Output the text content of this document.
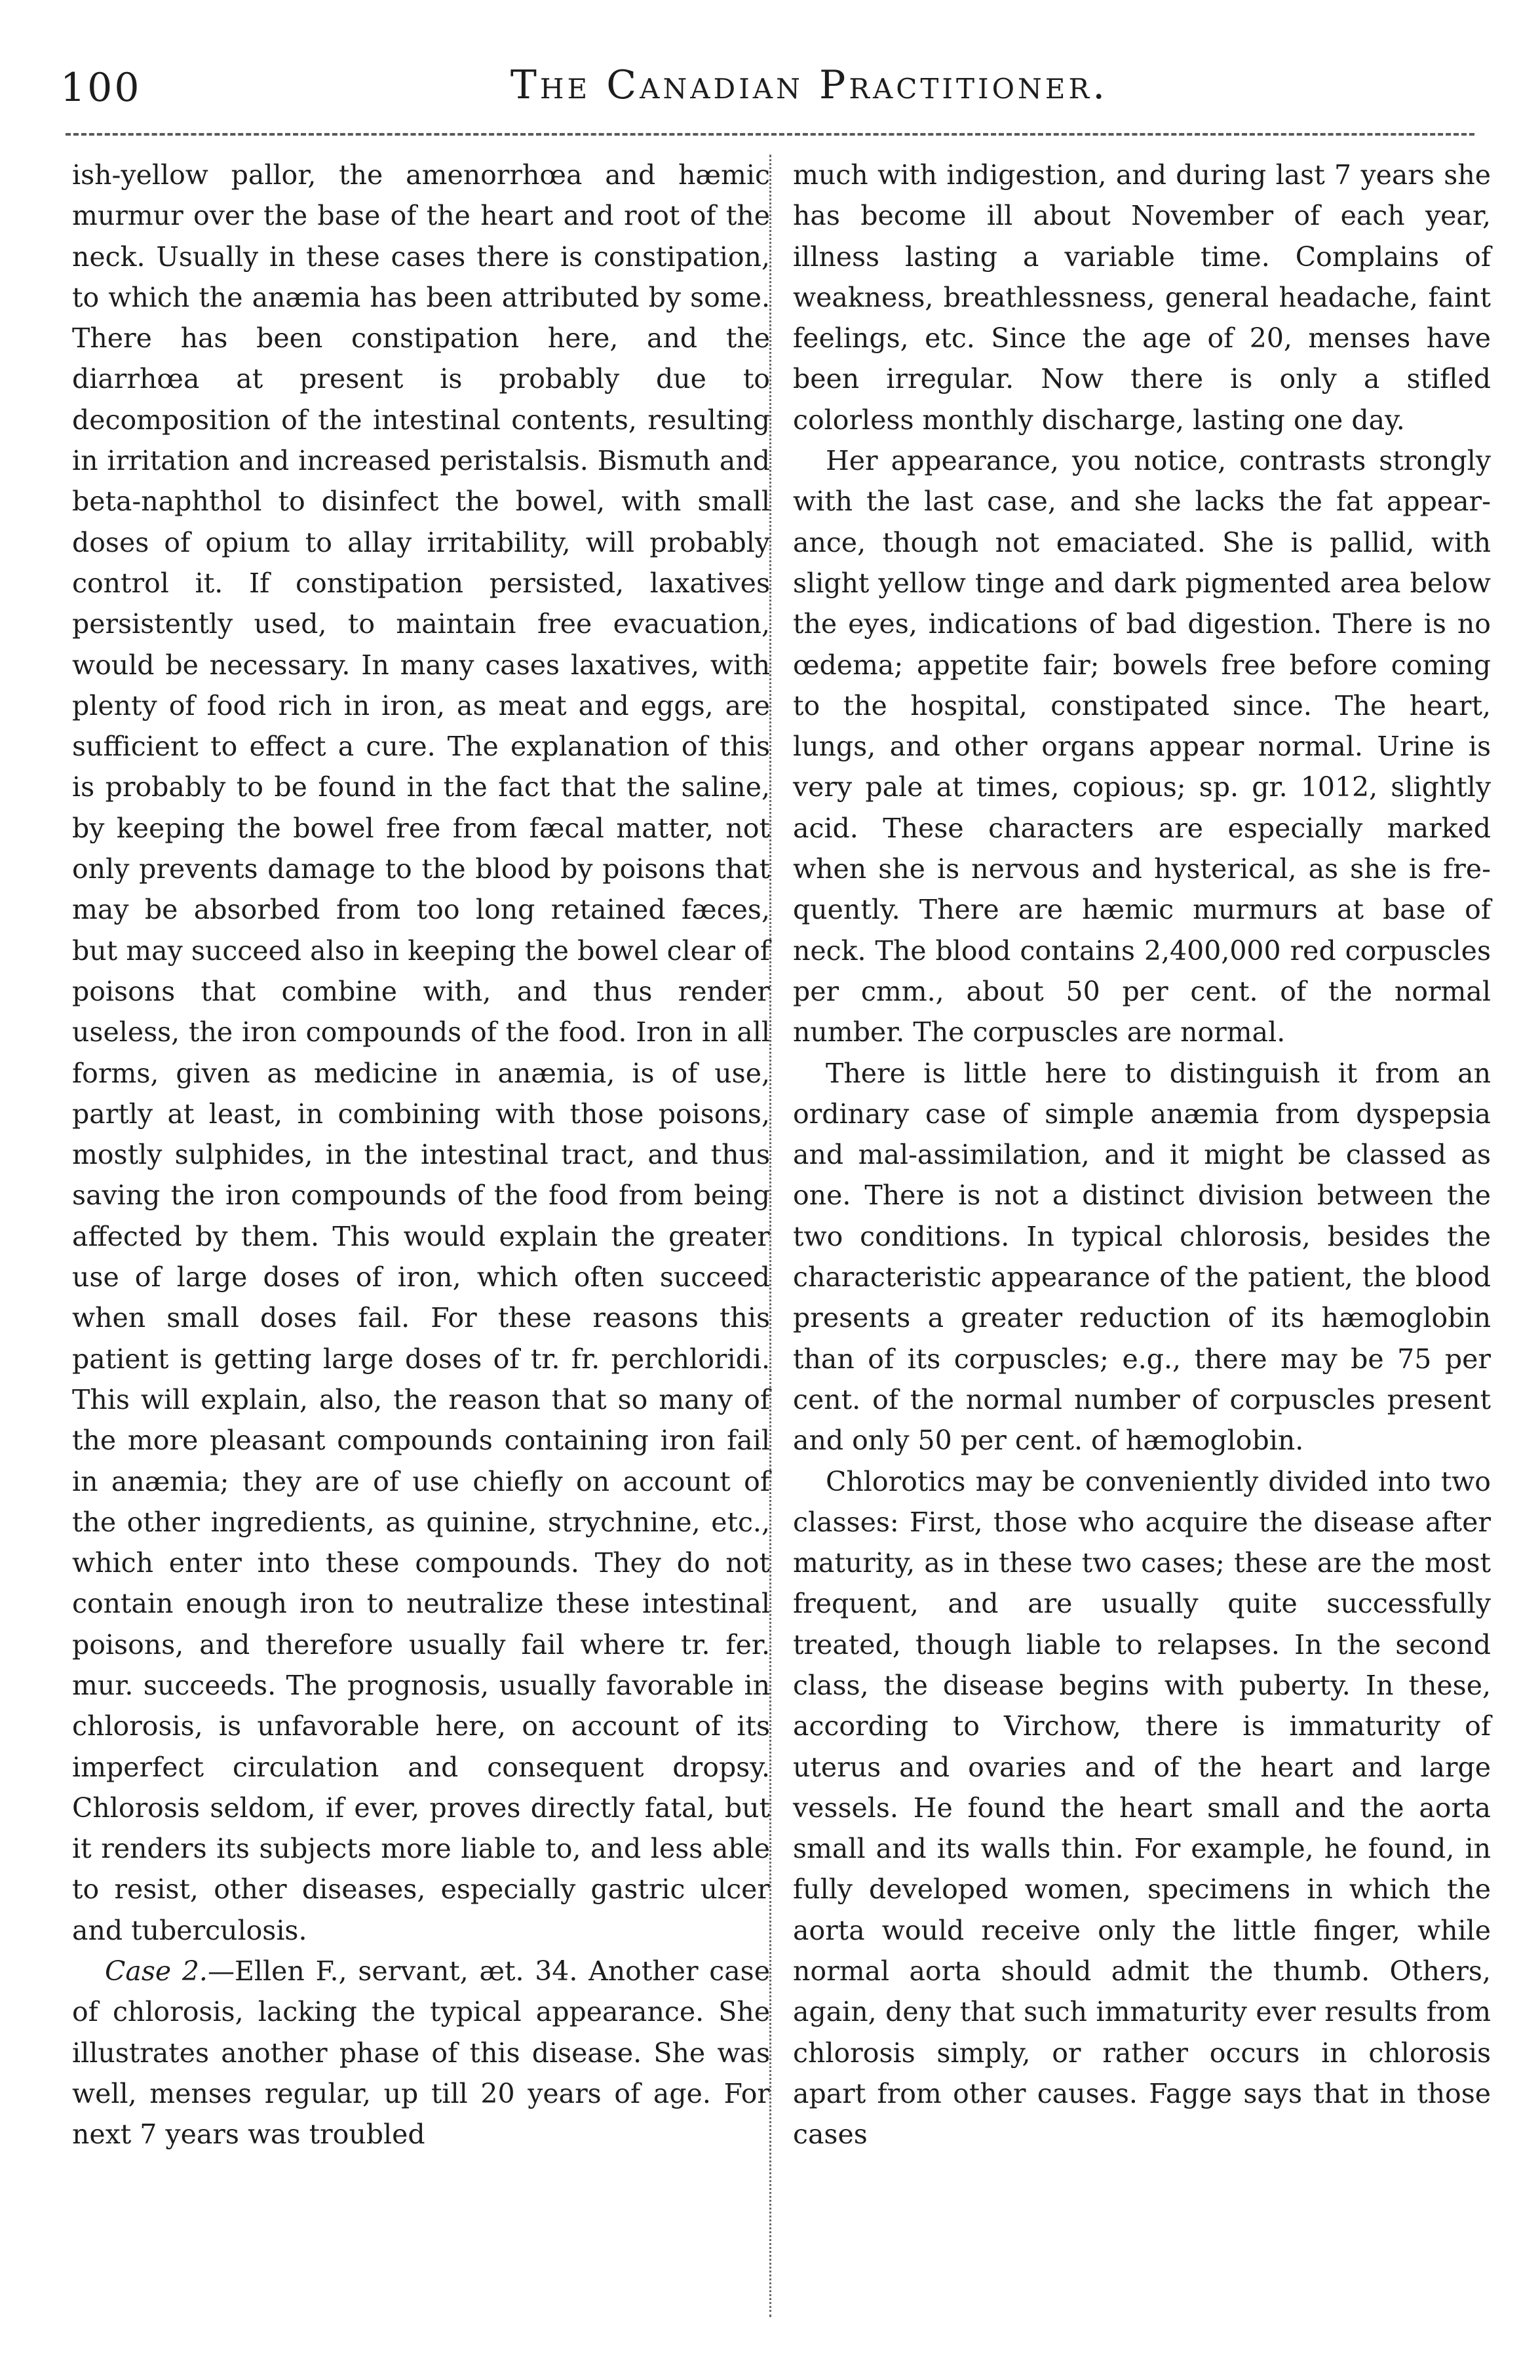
100	The Canadian Practitioner.

ish-yellow pallor, the amenorrhœa and hæmic murmur over the base of the heart and root of the neck. Usually in these cases there is constipation, to which the anæmia has been attributed by some. There has been constipation here, and the diarrhœa at present is probably due to decomposition of the intestinal contents, resulting in irritation and increased peristalsis. Bismuth and beta-naphthol to disinfect the bowel, with small doses of opium to allay irritability, will probably control it. If constipation persisted, laxatives persistently used, to maintain free evacuation, would be necessary. In many cases laxatives, with plenty of food rich in iron, as meat and eggs, are sufficient to effect a cure. The explanation of this is probably to be found in the fact that the saline, by keeping the bowel free from fæcal matter, not only prevents damage to the blood by poisons that may be absorbed from too long retained fæces, but may succeed also in keeping the bowel clear of poisons that combine with, and thus render useless, the iron compounds of the food. Iron in all forms, given as medicine in anæmia, is of use, partly at least, in combining with those poisons, mostly sulphides, in the intestinal tract, and thus saving the iron compounds of the food from being affected by them. This would explain the greater use of large doses of iron, which often succeed when small doses fail. For these reasons this patient is getting large doses of tr. fr. perchloridi. This will explain, also, the reason that so many of the more pleasant compounds containing iron fail in anæmia; they are of use chiefly on account of the other ingredients, as quinine, strychnine, etc., which enter into these compounds. They do not contain enough iron to neutralize these intestinal poisons, and therefore usually fail where tr. fer. mur. succeeds. The prognosis, usually favorable in chlorosis, is unfavorable here, on account of its imperfect circulation and consequent dropsy. Chlorosis seldom, if ever, proves directly fatal, but it renders its subjects more liable to, and less able to resist, other diseases, especially gastric ulcer and tuberculosis.

Case 2.—Ellen F., servant, æt. 34. Another case of chlorosis, lacking the typical appearance. She illustrates another phase of this disease. She was well, menses regular, up till 20 years of age. For next 7 years was troubled

much with indigestion, and during last 7 years she has become ill about November of each year, illness lasting a variable time. Complains of weakness, breathlessness, general headache, faint feelings, etc. Since the age of 20, menses have been irregular. Now there is only a stifled colorless monthly discharge, lasting one day.

Her appearance, you notice, contrasts strongly with the last case, and she lacks the fat appearance, though not emaciated. She is pallid, with slight yellow tinge and dark pigmented area below the eyes, indications of bad digestion. There is no œdema; appetite fair; bowels free before coming to the hospital, constipated since. The heart, lungs, and other organs appear normal. Urine is very pale at times, copious; sp. gr. 1012, slightly acid. These characters are especially marked when she is nervous and hysterical, as she is frequently. There are hæmic murmurs at base of neck. The blood contains 2,400,000 red corpuscles per cmm., about 50 per cent. of the normal number. The corpuscles are normal.

There is little here to distinguish it from an ordinary case of simple anæmia from dyspepsia and mal-assimilation, and it might be classed as one. There is not a distinct division between the two conditions. In typical chlorosis, besides the characteristic appearance of the patient, the blood presents a greater reduction of its hæmoglobin than of its corpuscles; e.g., there may be 75 per cent. of the normal number of corpuscles present and only 50 per cent. of hæmoglobin.

Chlorotics may be conveniently divided into two classes: First, those who acquire the disease after maturity, as in these two cases; these are the most frequent, and are usually quite successfully treated, though liable to relapses. In the second class, the disease begins with puberty. In these, according to Virchow, there is immaturity of uterus and ovaries and of the heart and large vessels. He found the heart small and the aorta small and its walls thin. For example, he found, in fully developed women, specimens in which the aorta would receive only the little finger, while normal aorta should admit the thumb. Others, again, deny that such immaturity ever results from chlorosis simply, or rather occurs in chlorosis apart from other causes. Fagge says that in those cases
